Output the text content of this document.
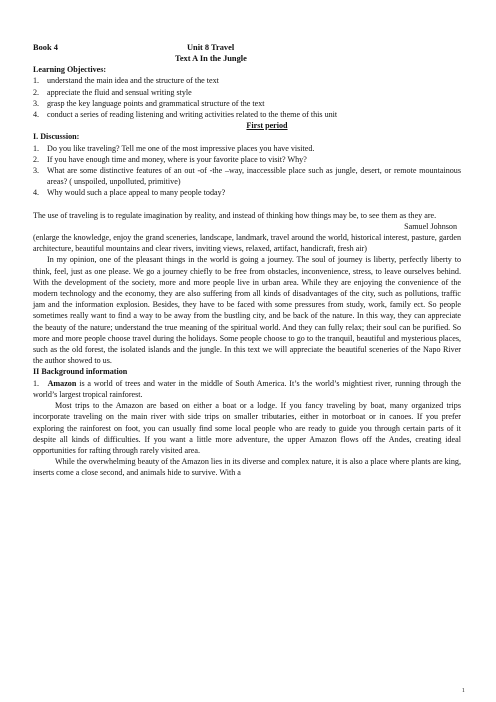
Book 4	Unit 8 Travel

Text A In the Jungle

Learning Objectives:

1. understand the main idea and the structure of the text
2. appreciate the fluid and sensual writing style
3. grasp the key language points and grammatical structure of the text
4. conduct a series of reading listening and writing activities related to the theme of this unit

First period

I. Discussion:

1. Do you like traveling? Tell me one of the most impressive places you have visited.
2. If you have enough time and money, where is your favorite place to visit? Why?
3. What are some distinctive features of an out -of -the –way, inaccessible place such as jungle, desert, or remote mountainous areas? ( unspoiled, unpolluted, primitive)
4. Why would such a place appeal to many people today?

The use of traveling is to regulate imagination by reality, and instead of thinking how things may be, to see them as they are.

Samuel Johnson

(enlarge the knowledge, enjoy the grand sceneries, landscape, landmark, travel around the world, historical interest, pasture, garden architecture, beautiful mountains and clear rivers, inviting views, relaxed, artifact, handicraft, fresh air)

In my opinion, one of the pleasant things in the world is going a journey. The soul of journey is liberty, perfectly liberty to think, feel, just as one please. We go a journey chiefly to be free from obstacles, inconvenience, stress, to leave ourselves behind. With the development of the society, more and more people live in urban area. While they are enjoying the convenience of the modern technology and the economy, they are also suffering from all kinds of disadvantages of the city, such as pollutions, traffic jam and the information explosion. Besides, they have to be faced with some pressures from study, work, family ect. So people sometimes really want to find a way to be away from the bustling city, and be back of the nature. In this way, they can appreciate the beauty of the nature; understand the true meaning of the spiritual world. And they can fully relax; their soul can be purified. So more and more people choose travel during the holidays. Some people choose to go to the tranquil, beautiful and mysterious places, such as the old forest, the isolated islands and the jungle. In this text we will appreciate the beautiful sceneries of the Napo River the author showed to us.

II Background information

1. Amazon is a world of trees and water in the middle of South America. It’s the world’s mightiest river, running through the world’s largest tropical rainforest.

Most trips to the Amazon are based on either a boat or a lodge. If you fancy traveling by boat, many organized trips incorporate traveling on the main river with side trips on smaller tributaries, either in motorboat or in canoes. If you prefer exploring the rainforest on foot, you can usually find some local people who are ready to guide you through certain parts of it despite all kinds of difficulties. If you want a little more adventure, the upper Amazon flows off the Andes, creating ideal opportunities for rafting through rarely visited area.

While the overwhelming beauty of the Amazon lies in its diverse and complex nature, it is also a place where plants are king, inserts come a close second, and animals hide to survive. With a

1
